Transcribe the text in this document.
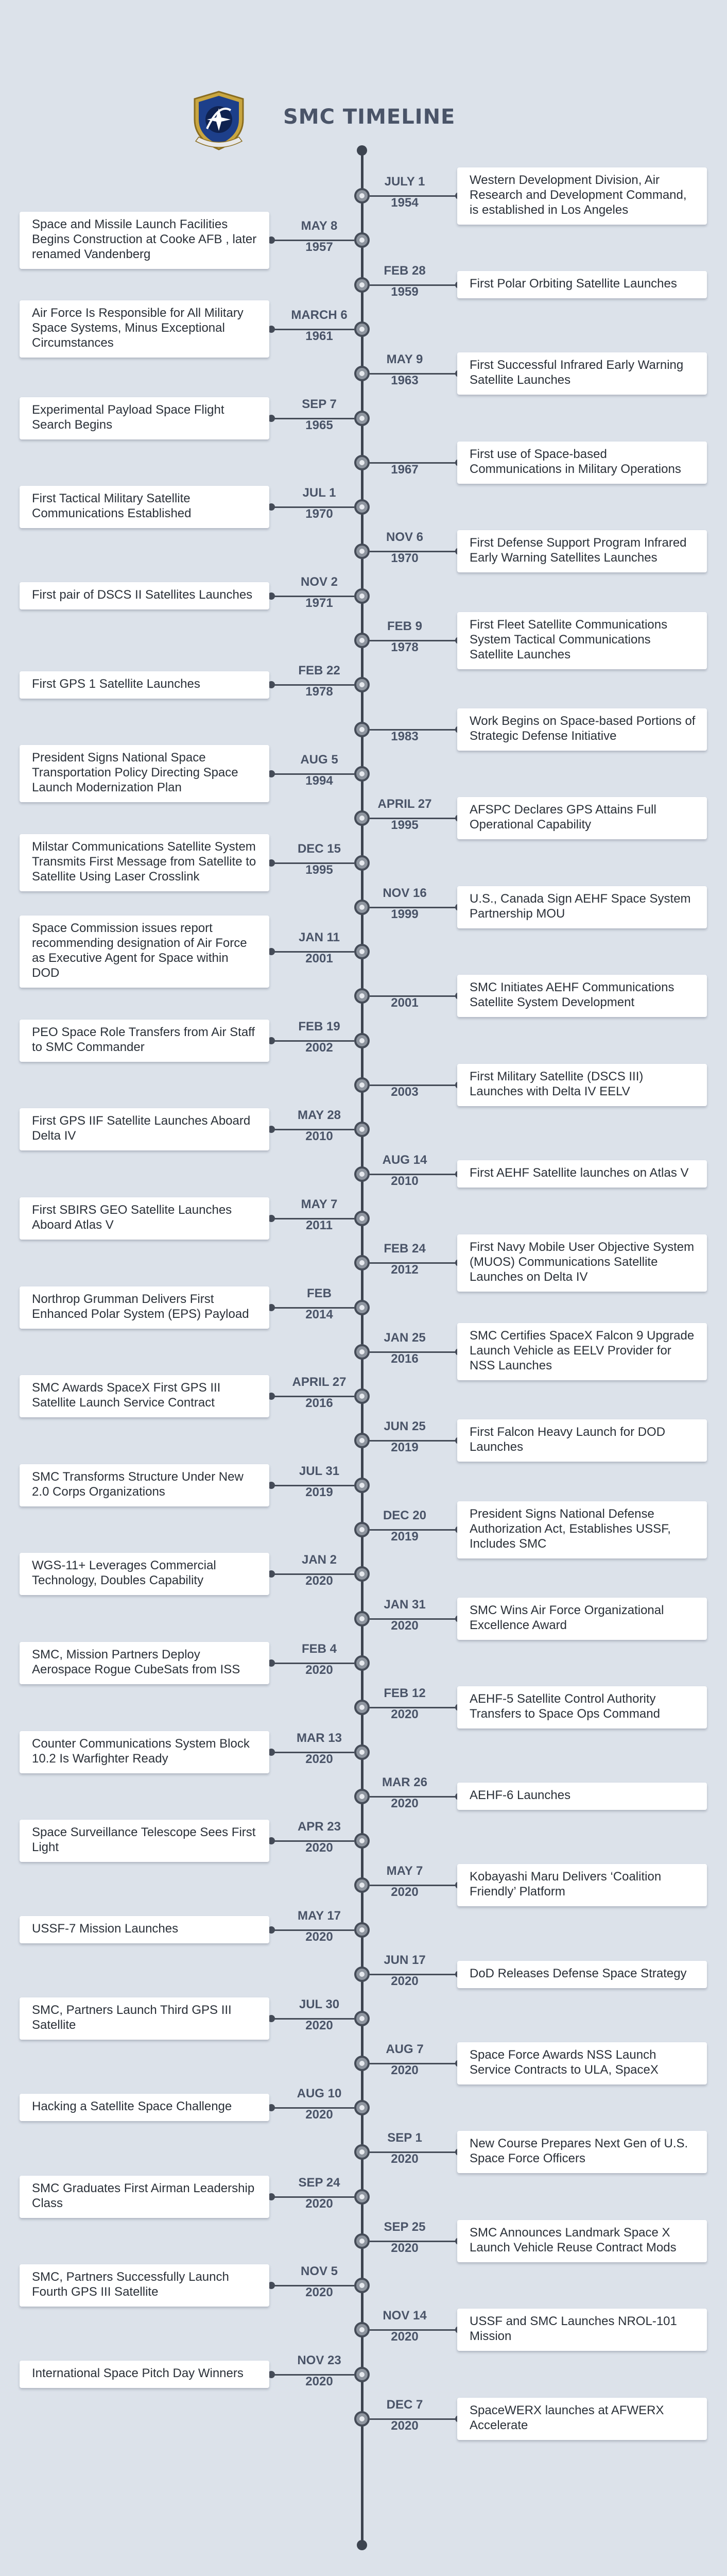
SMC TIMELINE
JULY 1
1954
Western Development Division, Air Research and Development Command, is established in Los Angeles
MAY 8
1957
Space and Missile Launch Facilities Begins Construction at Cooke AFB , later renamed Vandenberg
FEB 28
1959
First Polar Orbiting Satellite Launches
MARCH 6
1961
Air Force Is Responsible for All Military Space Systems, Minus Exceptional Circumstances
MAY 9
1963
First Successful Infrared Early Warning Satellite Launches
SEP 7
1965
Experimental Payload Space Flight Search Begins

1967
First use of Space-based Communications in Military Operations
JUL 1
1970
First Tactical Military Satellite Communications Established
NOV 6
1970
First Defense Support Program Infrared Early Warning Satellites Launches
NOV 2
1971
First pair of DSCS II Satellites Launches
FEB 9
1978
First Fleet Satellite Communications System Tactical Communications Satellite Launches
FEB 22
1978
First GPS 1 Satellite Launches

1983
Work Begins on Space-based Portions of Strategic Defense Initiative
AUG 5
1994
President Signs National Space Transportation Policy Directing Space Launch Modernization Plan
APRIL 27
1995
AFSPC Declares GPS Attains Full Operational Capability
DEC 15
1995
Milstar Communications Satellite System Transmits First Message from Satellite to Satellite Using Laser Crosslink
NOV 16
1999
U.S., Canada Sign AEHF Space System Partnership MOU
JAN 11
2001
Space Commission issues report recommending designation of Air Force as Executive Agent for Space within DOD

2001
SMC Initiates AEHF Communications Satellite System Development
FEB 19
2002
PEO Space Role Transfers from Air Staff to SMC Commander

2003
First Military Satellite (DSCS III) Launches with Delta IV EELV
MAY 28
2010
First GPS IIF Satellite Launches Aboard Delta IV
AUG 14
2010
First AEHF Satellite launches on Atlas V
MAY 7
2011
First SBIRS GEO Satellite Launches Aboard Atlas V
FEB 24
2012
First Navy Mobile User Objective System (MUOS) Communications Satellite Launches on Delta IV
FEB
2014
Northrop Grumman Delivers First Enhanced Polar System (EPS) Payload
JAN 25
2016
SMC Certifies SpaceX Falcon 9 Upgrade Launch Vehicle as EELV Provider for NSS Launches
APRIL 27
2016
SMC Awards SpaceX First GPS III Satellite Launch Service Contract
JUN 25
2019
First Falcon Heavy Launch for DOD Launches
JUL 31
2019
SMC Transforms Structure Under New 2.0 Corps Organizations
DEC 20
2019
President Signs National Defense Authorization Act, Establishes USSF, Includes SMC
JAN 2
2020
WGS-11+ Leverages Commercial Technology, Doubles Capability
JAN 31
2020
SMC Wins Air Force Organizational Excellence Award
FEB 4
2020
SMC, Mission Partners Deploy Aerospace Rogue CubeSats from ISS
FEB 12
2020
AEHF-5 Satellite Control Authority Transfers to Space Ops Command
MAR 13
2020
Counter Communications System Block 10.2 Is Warfighter Ready
MAR 26
2020
AEHF-6 Launches
APR 23
2020
Space Surveillance Telescope Sees First Light
MAY 7
2020
Kobayashi Maru Delivers ‘Coalition Friendly’ Platform
MAY 17
2020
USSF-7 Mission Launches
JUN 17
2020
DoD Releases Defense Space Strategy
JUL 30
2020
SMC, Partners Launch Third GPS III Satellite
AUG 7
2020
Space Force Awards NSS Launch Service Contracts to ULA, SpaceX
AUG 10
2020
Hacking a Satellite Space Challenge
SEP 1
2020
New Course Prepares Next Gen of U.S. Space Force Officers
SEP 24
2020
SMC Graduates First Airman Leadership Class
SEP 25
2020
SMC Announces Landmark Space X Launch Vehicle Reuse Contract Mods
NOV 5
2020
SMC, Partners Successfully Launch Fourth GPS III Satellite
NOV 14
2020
USSF and SMC Launches NROL-101 Mission
NOV 23
2020
International Space Pitch Day Winners
DEC 7
2020
SpaceWERX launches at AFWERX Accelerate
